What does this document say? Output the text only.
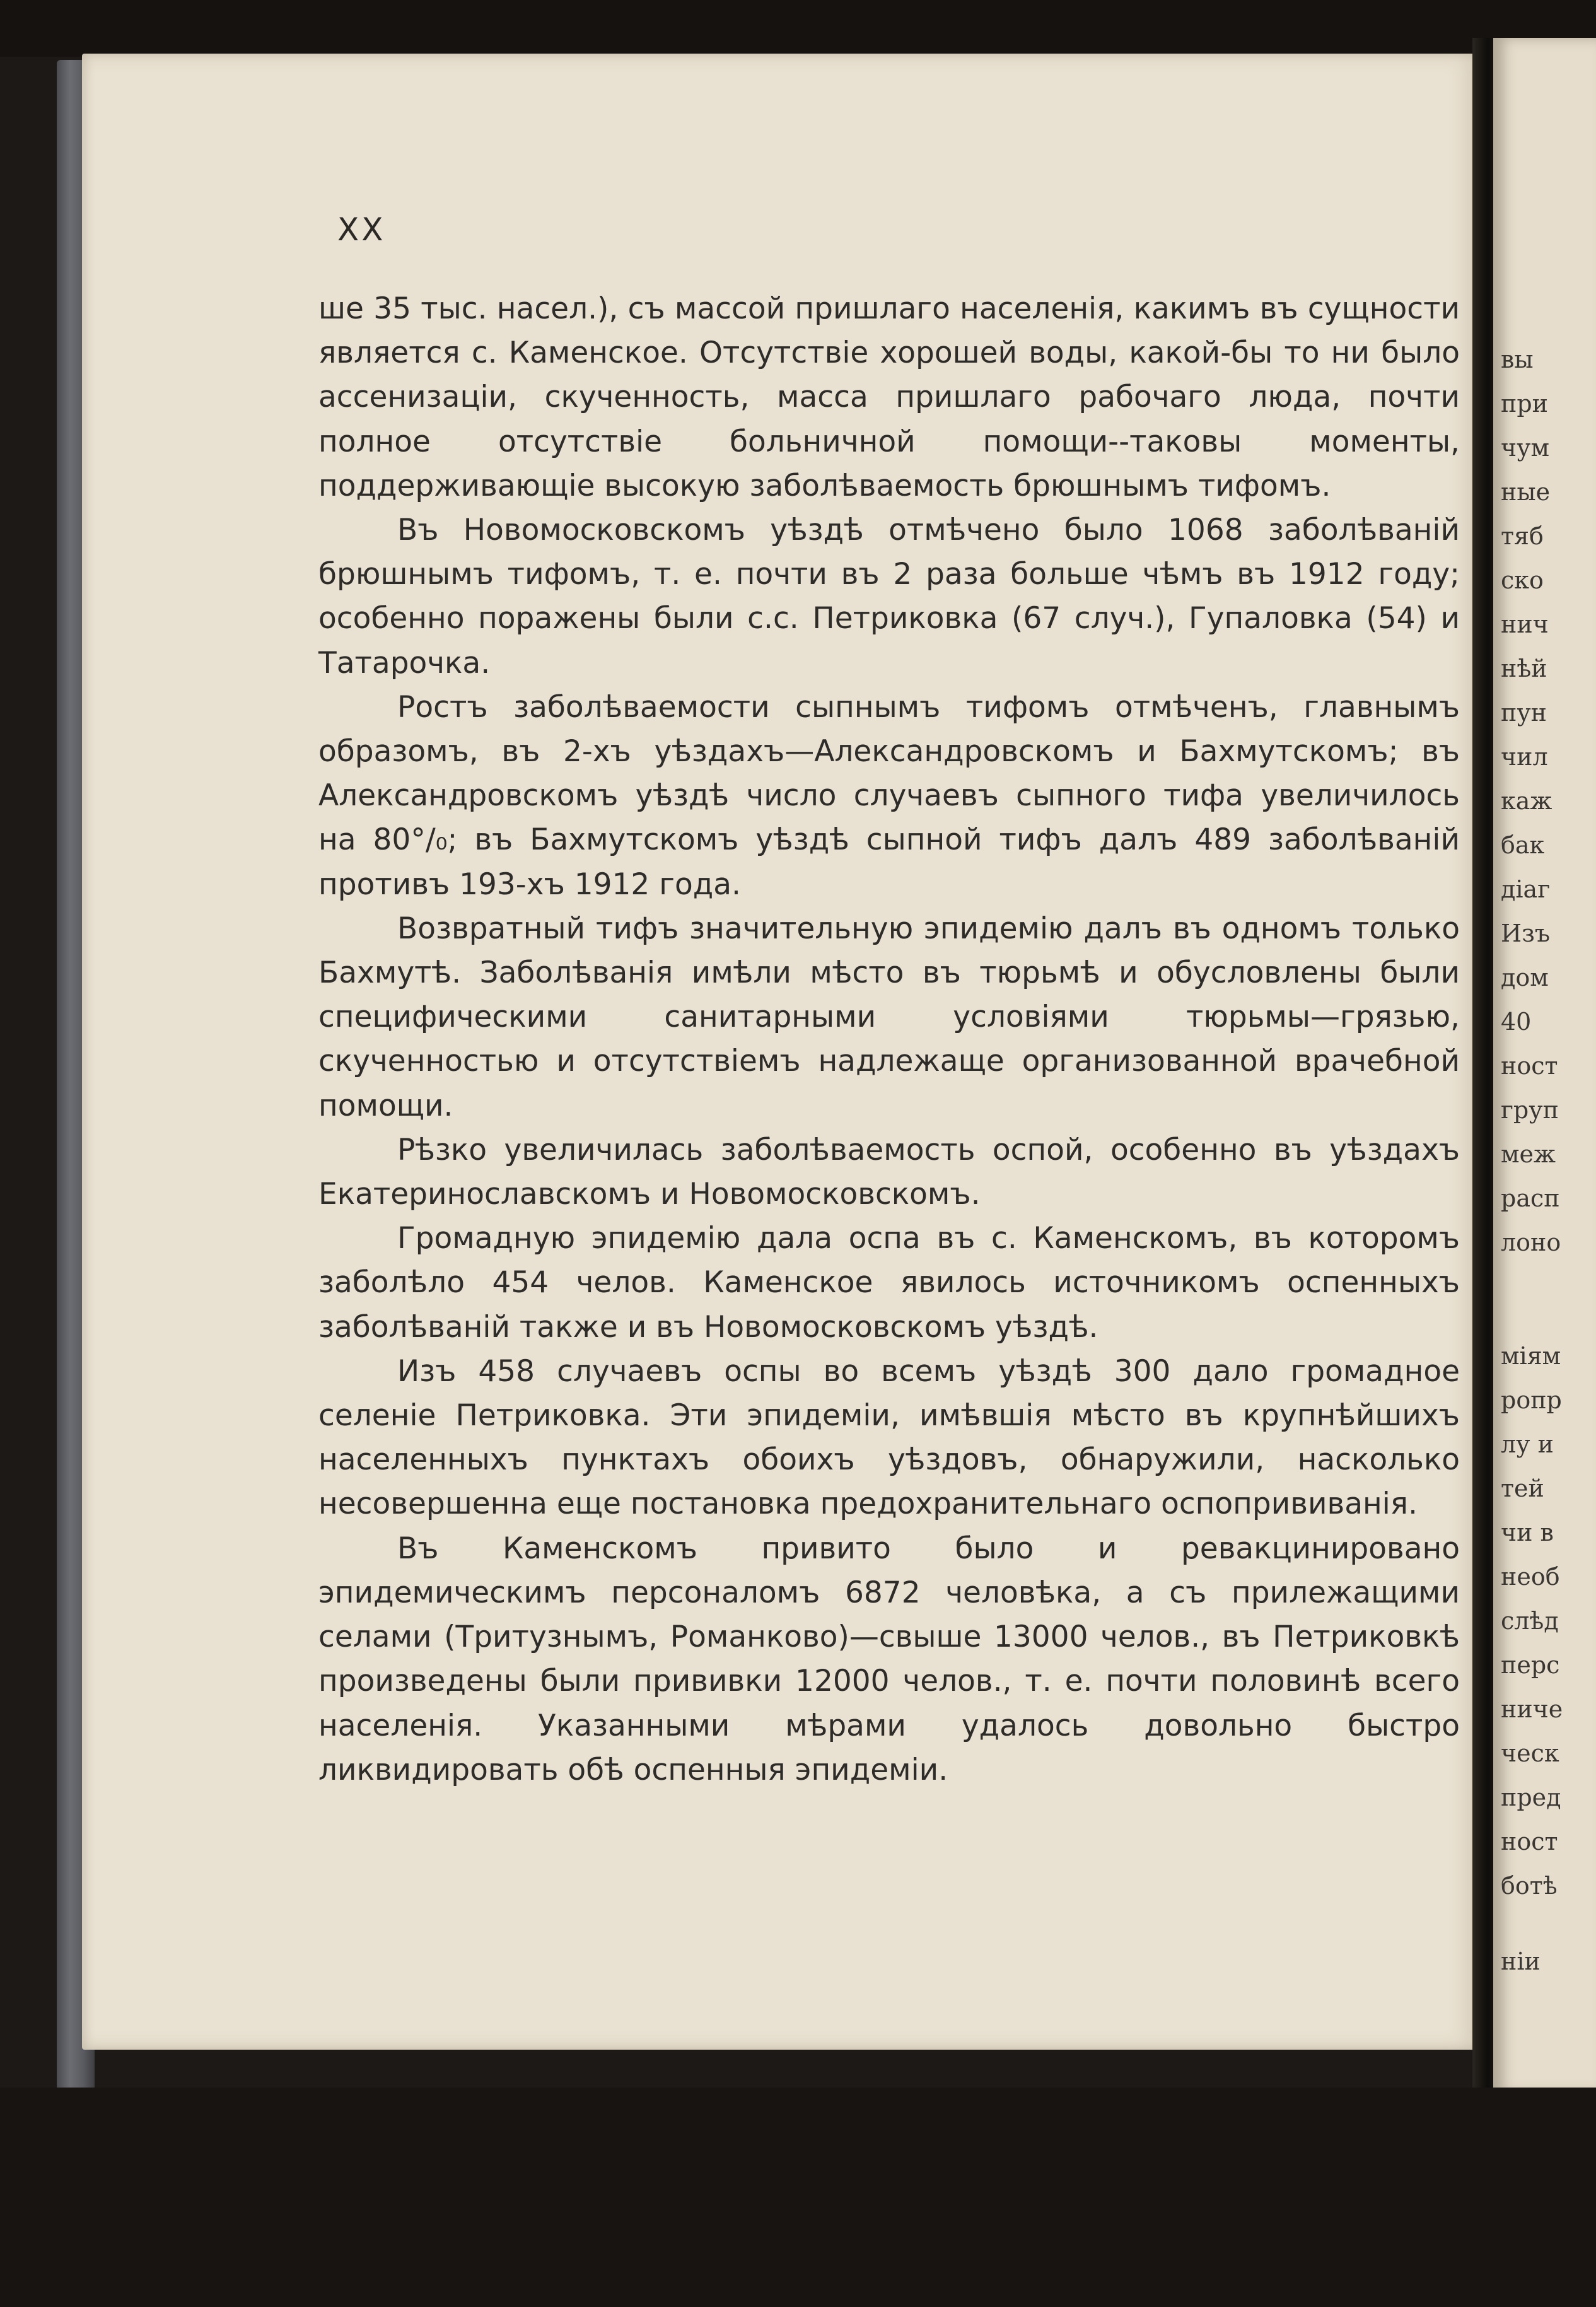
XX

ше 35 тыс. насел.), съ массой пришлаго населенія, какимъ въ сущности является с. Каменское. Отсутствіе хорошей воды, какой-бы то ни было ассенизаціи, скученность, масса пришлаго рабочаго люда, почти полное отсутствіе больничной помощи--таковы моменты, поддерживающіе высокую заболѣваемость брюшнымъ тифомъ.

Въ Новомосковскомъ уѣздѣ отмѣчено было 1068 заболѣваній брюшнымъ тифомъ, т. е. почти въ 2 раза больше чѣмъ въ 1912 году; особенно поражены были с.с. Петриковка (67 случ.), Гупаловка (54) и Татарочка.

Ростъ заболѣваемости сыпнымъ тифомъ отмѣченъ, главнымъ образомъ, въ 2-хъ уѣздахъ—Александровскомъ и Бахмутскомъ; въ Александровскомъ уѣздѣ число случаевъ сыпного тифа увеличилось на 80°/₀; въ Бахмутскомъ уѣздѣ сыпной тифъ далъ 489 заболѣваній противъ 193-хъ 1912 года.

Возвратный тифъ значительную эпидемію далъ въ одномъ только Бахмутѣ. Заболѣванія имѣли мѣсто въ тюрьмѣ и обусловлены были специфическими санитарными условіями тюрьмы—грязью, скученностью и отсутствіемъ надлежаще организованной врачебной помощи.

Рѣзко увеличилась заболѣваемость оспой, особенно въ уѣздахъ Екатеринославскомъ и Новомосковскомъ.

Громадную эпидемію дала оспа въ с. Каменскомъ, въ которомъ заболѣло 454 челов. Каменское явилось источникомъ оспенныхъ заболѣваній также и въ Новомосковскомъ уѣздѣ.

Изъ 458 случаевъ оспы во всемъ уѣздѣ 300 дало громадное селеніе Петриковка. Эти эпидеміи, имѣвшія мѣсто въ крупнѣйшихъ населенныхъ пунктахъ обоихъ уѣздовъ, обнаружили, насколько несовершенна еще постановка предохранительнаго оспопрививанія.

Въ Каменскомъ привито было и ревакцинировано эпидемическимъ персоналомъ 6872 человѣка, а съ прилежащими селами (Тритузнымъ, Романково)—свыше 13000 челов., въ Петриковкѣ произведены были прививки 12000 челов., т. е. почти половинѣ всего населенія. Указанными мѣрами удалось довольно быстро ликвидировать обѣ оспенныя эпидеміи.

вы
при
чум
ные
тяб
ско
нич
нѣй
пун
чил
каж
бак
діаг
Изъ
дом
40
ност
груп
меж
расп
лоно
міям
ропр
лу и
тей
чи в
необ
слѣд
перс
ниче
ческ
пред
ност
ботѣ
ніи
